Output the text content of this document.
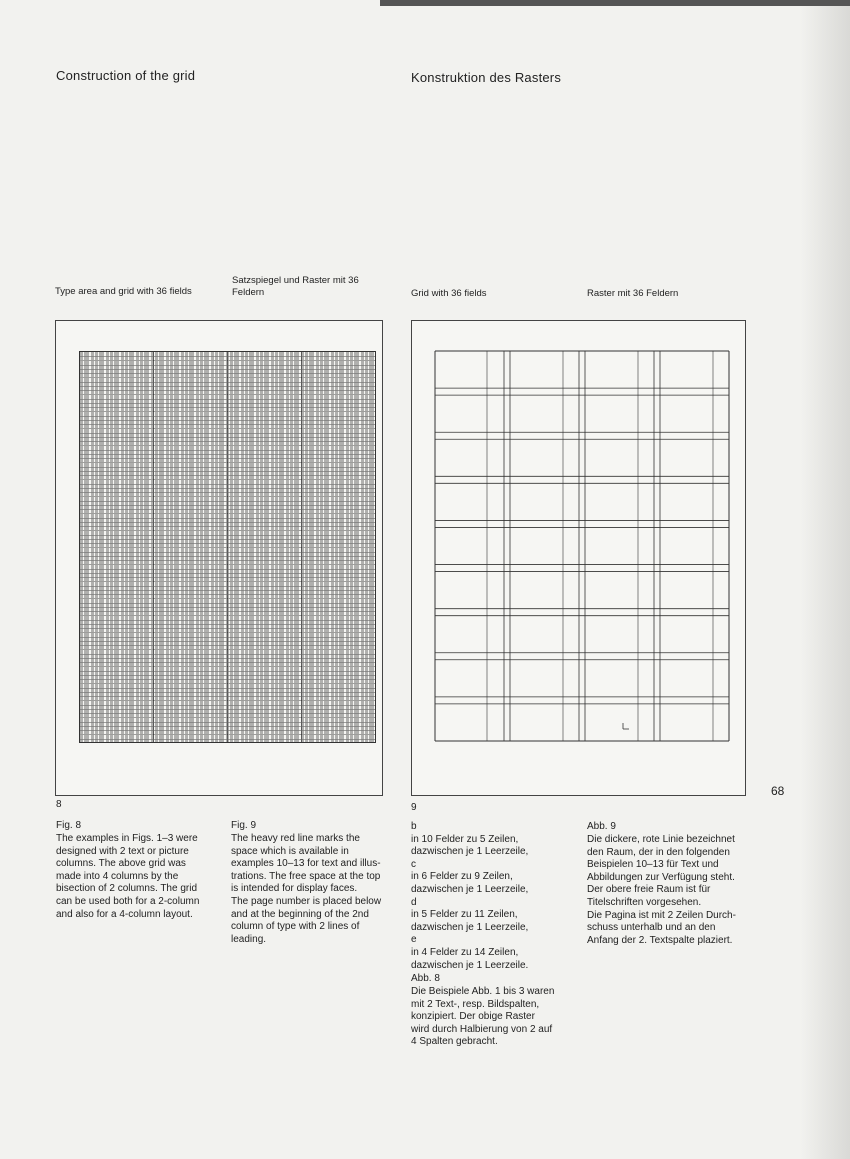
Construction of the grid	Konstruktion des Rasters
Type area and grid with 36 fields
Satzspiegel und Raster mit 36 Feldern	Grid with 36 fields	Raster mit 36 Feldern
8	9
68
Fig. 8
The examples in Figs. 1–3 were
designed with 2 text or picture
columns. The above grid was
made into 4 columns by the
bisection of 2 columns. The grid
can be used both for a 2-column
and also for a 4-column layout.
Fig. 9
The heavy red line marks the
space which is available in
examples 10–13 for text and illus-
trations. The free space at the top
is intended for display faces.
The page number is placed below
and at the beginning of the 2nd
column of type with 2 lines of
leading.
b
in 10 Felder zu 5 Zeilen,
dazwischen je 1 Leerzeile,
c
in 6 Felder zu 9 Zeilen,
dazwischen je 1 Leerzeile,
d
in 5 Felder zu 11 Zeilen,
dazwischen je 1 Leerzeile,
e
in 4 Felder zu 14 Zeilen,
dazwischen je 1 Leerzeile.
Abb. 8
Die Beispiele Abb. 1 bis 3 waren
mit 2 Text-, resp. Bildspalten,
konzipiert. Der obige Raster
wird durch Halbierung von 2 auf
4 Spalten gebracht.
Abb. 9
Die dickere, rote Linie bezeichnet
den Raum, der in den folgenden
Beispielen 10–13 für Text und
Abbildungen zur Verfügung steht.
Der obere freie Raum ist für
Titelschriften vorgesehen.
Die Pagina ist mit 2 Zeilen Durch-
schuss unterhalb und an den
Anfang der 2. Textspalte plaziert.
